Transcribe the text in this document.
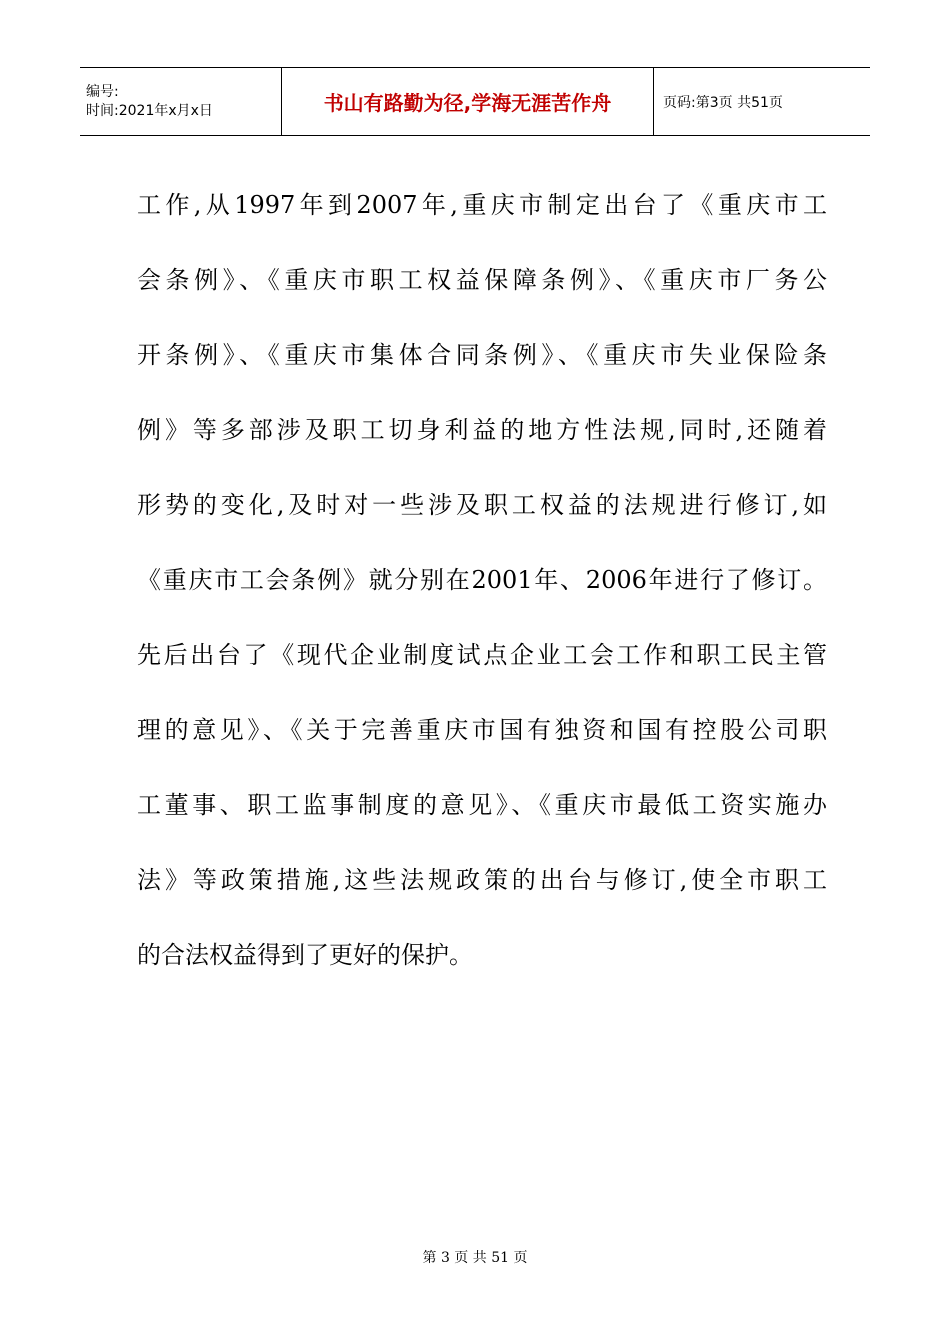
编号:
时间:2021年x月x日	书山有路勤为径,学海无涯苦作舟	页码:第3页 共51页
工作,从1997年到2007年,重庆市制定出台了《重庆市工
会条例》、《重庆市职工权益保障条例》、《重庆市厂务公
开条例》、《重庆市集体合同条例》、《重庆市失业保险条
例》等多部涉及职工切身利益的地方性法规,同时,还随着
形势的变化,及时对一些涉及职工权益的法规进行修订,如
《重庆市工会条例》就分别在2001年、2006年进行了修订。
先后出台了《现代企业制度试点企业工会工作和职工民主管
理的意见》、《关于完善重庆市国有独资和国有控股公司职
工董事、职工监事制度的意见》、《重庆市最低工资实施办
法》等政策措施,这些法规政策的出台与修订,使全市职工
的合法权益得到了更好的保护。
第 3 页 共 51 页
